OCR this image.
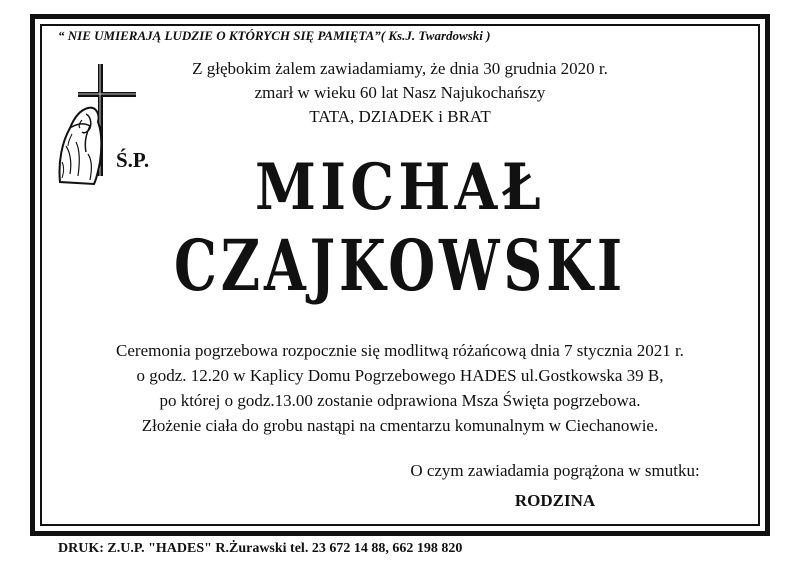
“ NIE UMIERAJĄ LUDZIE O KTÓRYCH SIĘ PAMIĘTA”( Ks.J. Twardowski )
Z głębokim żalem zawiadamiamy, że dnia 30 grudnia 2020 r.
zmarł w wieku 60 lat Nasz Najukochańszy
TATA, DZIADEK i BRAT
Ś.P.	MICHAŁ
CZAJKOWSKI
Ceremonia pogrzebowa rozpocznie się modlitwą różańcową dnia 7 stycznia 2021 r.
o godz. 12.20 w Kaplicy Domu Pogrzebowego HADES ul.Gostkowska 39 B,
po której o godz.13.00 zostanie odprawiona Msza Święta pogrzebowa.
Złożenie ciała do grobu nastąpi na cmentarzu komunalnym w Ciechanowie.
O czym zawiadamia pogrążona w smutku:
RODZINA
DRUK: Z.U.P. "HADES" R.Żurawski tel. 23 672 14 88, 662 198 820
